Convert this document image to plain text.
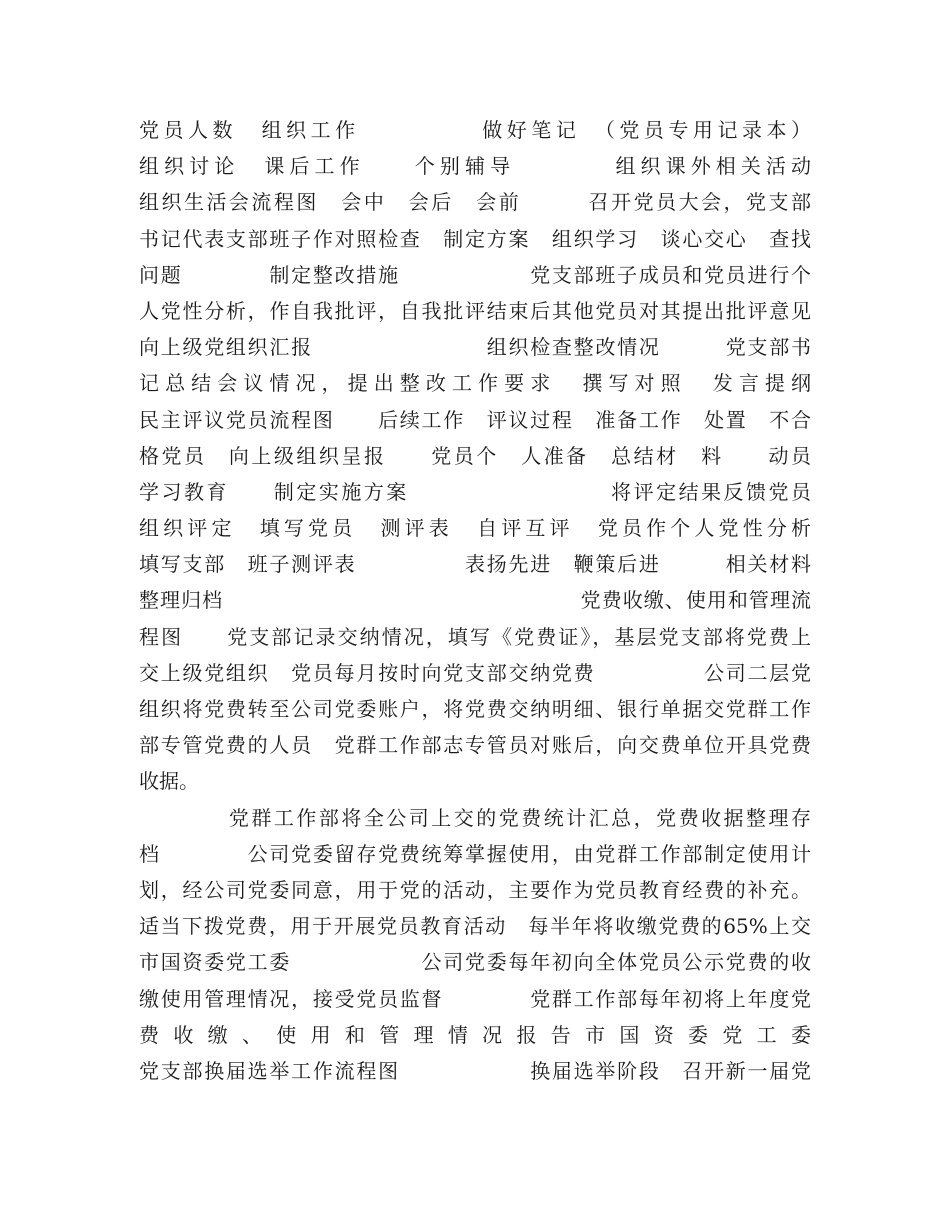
党员人数　组织工作　　　　　做好笔记　（党员专用记录本）
组织讨论　课后工作　　个别辅导　　　　组织课外相关活动
组织生活会流程图　会中　会后　会前　　　召开党员大会，党支部
书记代表支部班子作对照检查　制定方案　组织学习　谈心交心　查找
问题　　　　制定整改措施　　　　　　党支部班子成员和党员进行个
人党性分析，作自我批评，自我批评结束后其他党员对其提出批评意见
向上级党组织汇报　　　　　　　　组织检查整改情况　　　党支部书
记总结会议情况，提出整改工作要求　撰写对照　发言提纲
民主评议党员流程图　　后续工作　评议过程　准备工作　处置　不合
格党员　向上级组织呈报　　党员个　人准备　总结材　料　　动员
学习教育　　制定实施方案　　　　　　　　　将评定结果反馈党员
组织评定　填写党员　测评表　自评互评　党员作个人党性分析
填写支部　班子测评表　　　　　表扬先进　鞭策后进　　　相关材料
整理归档　　　　　　　　　　　　　　　　　党费收缴、使用和管理流
程图　　党支部记录交纳情况，填写《党费证》，基层党支部将党费上
交上级党组织　党员每月按时向党支部交纳党费　　　　　公司二层党
组织将党费转至公司党委账户，将党费交纳明细、银行单据交党群工作
部专管党费的人员　党群工作部志专管员对账后，向交费单位开具党费
收据。
　　　　党群工作部将全公司上交的党费统计汇总，党费收据整理存
档　　　　公司党委留存党费统筹掌握使用，由党群工作部制定使用计
划，经公司党委同意，用于党的活动，主要作为党员教育经费的补充。
适当下拨党费，用于开展党员教育活动　每半年将收缴党费的65%上交
市国资委党工委　　　　　　公司党委每年初向全体党员公示党费的收
缴使用管理情况，接受党员监督　　　　党群工作部每年初将上年度党
费收缴、使用和管理情况报告市国资委党工委
党支部换届选举工作流程图　　　　　　换届选举阶段　召开新一届党
